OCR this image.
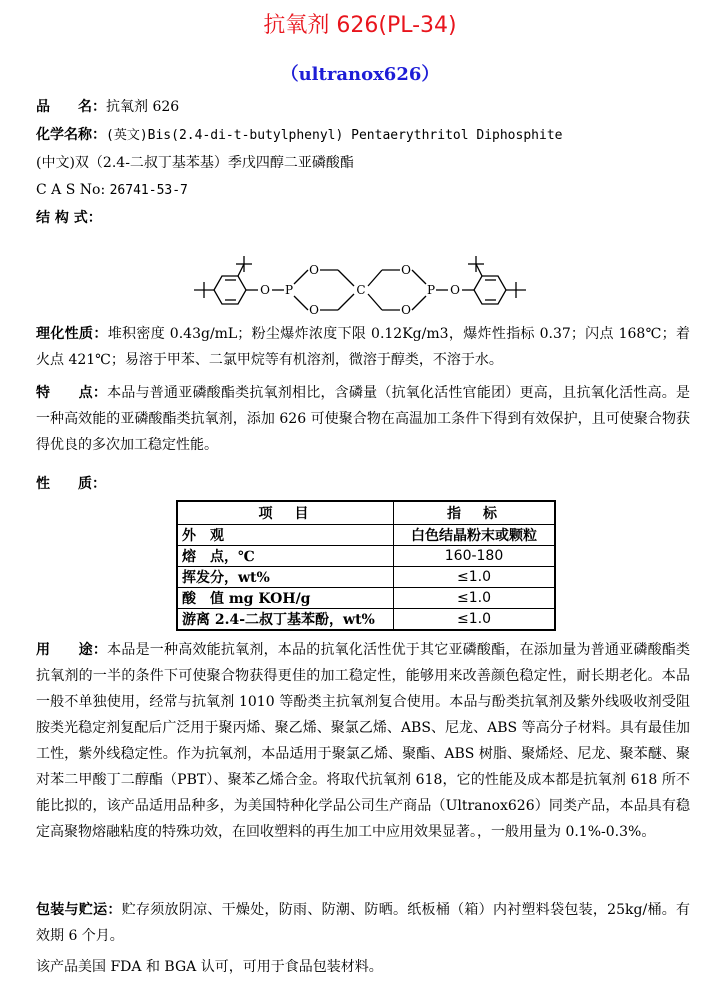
抗氧剂 626(PL-34)
（ultranox626）
品　　名：抗氧剂 626
化学名称：(英文)Bis(2.4-di-t-butylphenyl) Pentaerythritol Diphosphite
(中文)双（2.4-二叔丁基苯基）季戊四醇二亚磷酸酯
C A S No: 26741-53-7
结 构 式：
O P
O
O
C
O
O
P O
理化性质：堆积密度 0.43g/mL；粉尘爆炸浓度下限 0.12Kg/m3，爆炸性指标 0.37；闪点 168℃；着火点 421℃；易溶于甲苯、二氯甲烷等有机溶剂，微溶于醇类，不溶于水。
特　　点：本品与普通亚磷酸酯类抗氧剂相比，含磷量（抗氧化活性官能团）更高，且抗氧化活性高。是一种高效能的亚磷酸酯类抗氧剂，添加 626 可使聚合物在高温加工条件下得到有效保护，且可使聚合物获得优良的多次加工稳定性能。
性　　质：
项　目	指　标
外　观	白色结晶粉末或颗粒
熔　点，℃	160-180
挥发分，wt%	≤1.0
酸　值 mg KOH/g	≤1.0
游离 2.4-二叔丁基苯酚，wt%	≤1.0
用　　途：本品是一种高效能抗氧剂，本品的抗氧化活性优于其它亚磷酸酯，在添加量为普通亚磷酸酯类抗氧剂的一半的条件下可使聚合物获得更佳的加工稳定性，能够用来改善颜色稳定性，耐长期老化。本品一般不单独使用，经常与抗氧剂 1010 等酚类主抗氧剂复合使用。本品与酚类抗氧剂及紫外线吸收剂受阻胺类光稳定剂复配后广泛用于聚丙烯、聚乙烯、聚氯乙烯、ABS、尼龙、ABS 等高分子材料。具有最佳加工性，紫外线稳定性。作为抗氧剂，本品适用于聚氯乙烯、聚酯、ABS 树脂、聚烯烃、尼龙、聚苯醚、聚对苯二甲酸丁二醇酯（PBT）、聚苯乙烯合金。将取代抗氧剂 618，它的性能及成本都是抗氧剂 618 所不能比拟的，该产品适用品种多，为美国特种化学品公司生产商品（Ultranox626）同类产品，本品具有稳定高聚物熔融粘度的特殊功效，在回收塑料的再生加工中应用效果显著。，一般用量为 0.1%-0.3%。
包装与贮运：贮存须放阴凉、干燥处，防雨、防潮、防晒。纸板桶（箱）内衬塑料袋包装，25kg/桶。有效期 6 个月。
该产品美国 FDA 和 BGA 认可，可用于食品包装材料。
